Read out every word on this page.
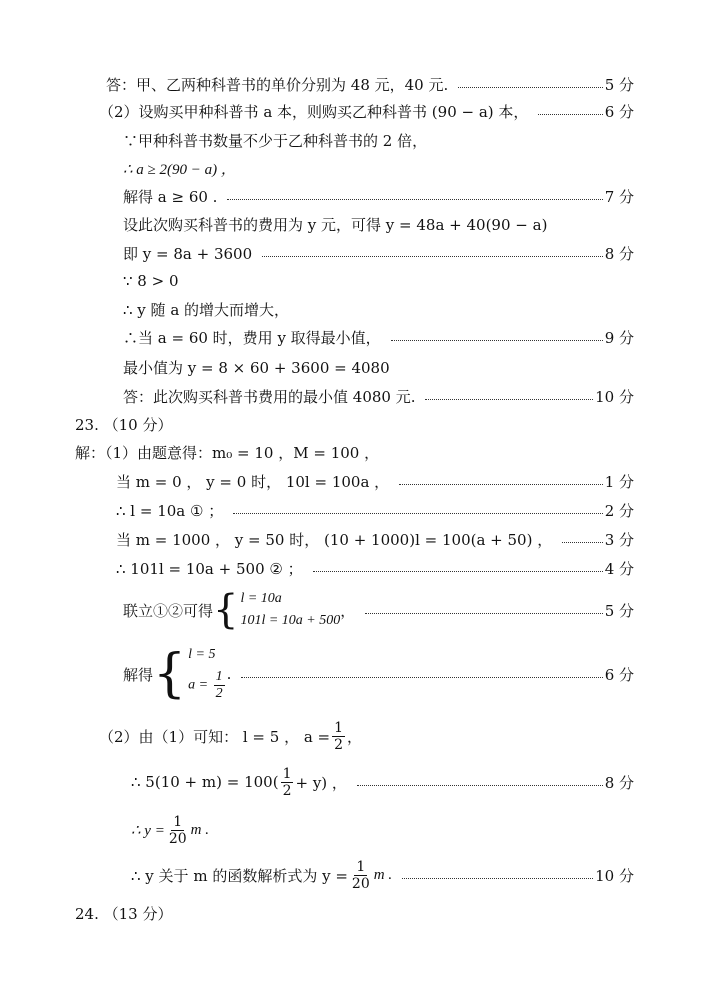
答：甲、乙两种科普书的单价分别为 48 元，40 元.	5 分
（2）设购买甲种科普书 a 本，则购买乙种科普书 (90 − a) 本，	6 分
∵甲种科普书数量不少于乙种科普书的 2 倍，
∴ a ≥ 2(90 − a) ，
解得 a ≥ 60 .	7 分
设此次购买科普书的费用为 y 元，可得 y = 48a + 40(90 − a)
即 y = 8a + 3600	8 分
∵ 8 > 0
∴ y 随 a 的增大而增大，
∴当 a = 60 时，费用 y 取得最小值，	9 分
最小值为 y = 8 × 60 + 3600 = 4080
答：此次购买科普书费用的最小值 4080 元.	10 分
23. （10 分）
解：（1）由题意得：m₀ = 10 ，M = 100 ，
当 m = 0 ， y = 0 时， 10l = 100a ，	1 分
∴ l = 10a ① ；	2 分
当 m = 1000 ， y = 50 时， (10 + 1000)l = 100(a + 50) ，	3 分
∴ 101l = 10a + 500 ② ；	4 分
联立①②可得 { l = 10a
101l = 10a + 500
，	5 分
解得 { l = 5
$a = \frac{1}{2}$ .	6 分
（2）由（1）可知： l = 5 ， $a = \frac{1}{2}$ ，
∴ $5(10 + m) = 100( \frac{1}{2} + y)$ ，	8 分
∴ $y = \frac{1}{20}$ m .
∴ y 关于 m 的函数解析式为 $y = \frac{1}{20}$ m .	10 分
24. （13 分）
